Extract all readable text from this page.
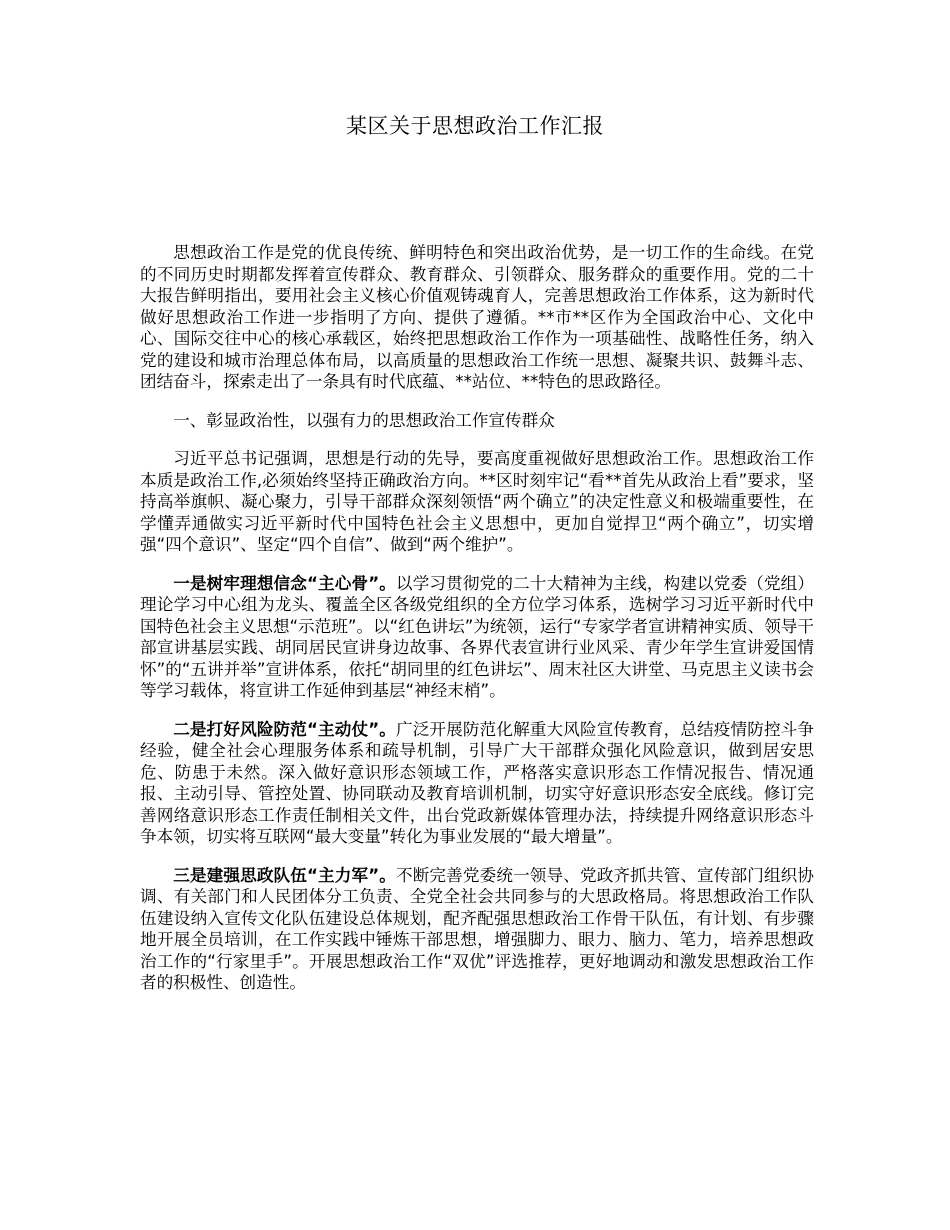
某区关于思想政治工作汇报

思想政治工作是党的优良传统、鲜明特色和突出政治优势，是一切工作的生命线。在党的不同历史时期都发挥着宣传群众、教育群众、引领群众、服务群众的重要作用。党的二十大报告鲜明指出，要用社会主义核心价值观铸魂育人，完善思想政治工作体系，这为新时代做好思想政治工作进一步指明了方向、提供了遵循。**市**区作为全国政治中心、文化中心、国际交往中心的核心承载区，始终把思想政治工作作为一项基础性、战略性任务，纳入党的建设和城市治理总体布局，以高质量的思想政治工作统一思想、凝聚共识、鼓舞斗志、团结奋斗，探索走出了一条具有时代底蕴、**站位、**特色的思政路径。

一、彰显政治性，以强有力的思想政治工作宣传群众

习近平总书记强调，思想是行动的先导，要高度重视做好思想政治工作。思想政治工作本质是政治工作,必须始终坚持正确政治方向。**区时刻牢记“看**首先从政治上看”要求，坚持高举旗帜、凝心聚力，引导干部群众深刻领悟“两个确立”的决定性意义和极端重要性，在学懂弄通做实习近平新时代中国特色社会主义思想中，更加自觉捍卫“两个确立”，切实增强“四个意识”、坚定“四个自信”、做到“两个维护”。

一是树牢理想信念“主心骨”。以学习贯彻党的二十大精神为主线，构建以党委（党组）理论学习中心组为龙头、覆盖全区各级党组织的全方位学习体系，选树学习习近平新时代中国特色社会主义思想“示范班”。以“红色讲坛”为统领，运行“专家学者宣讲精神实质、领导干部宣讲基层实践、胡同居民宣讲身边故事、各界代表宣讲行业风采、青少年学生宣讲爱国情怀”的“五讲并举”宣讲体系，依托“胡同里的红色讲坛”、周末社区大讲堂、马克思主义读书会等学习载体，将宣讲工作延伸到基层“神经末梢”。

二是打好风险防范“主动仗”。广泛开展防范化解重大风险宣传教育，总结疫情防控斗争经验，健全社会心理服务体系和疏导机制，引导广大干部群众强化风险意识，做到居安思危、防患于未然。深入做好意识形态领域工作，严格落实意识形态工作情况报告、情况通报、主动引导、管控处置、协同联动及教育培训机制，切实守好意识形态安全底线。修订完善网络意识形态工作责任制相关文件，出台党政新媒体管理办法，持续提升网络意识形态斗争本领，切实将互联网“最大变量”转化为事业发展的“最大增量”。

三是建强思政队伍“主力军”。不断完善党委统一领导、党政齐抓共管、宣传部门组织协调、有关部门和人民团体分工负责、全党全社会共同参与的大思政格局。将思想政治工作队伍建设纳入宣传文化队伍建设总体规划，配齐配强思想政治工作骨干队伍，有计划、有步骤地开展全员培训，在工作实践中锤炼干部思想，增强脚力、眼力、脑力、笔力，培养思想政治工作的“行家里手”。开展思想政治工作“双优”评选推荐，更好地调动和激发思想政治工作者的积极性、创造性。
